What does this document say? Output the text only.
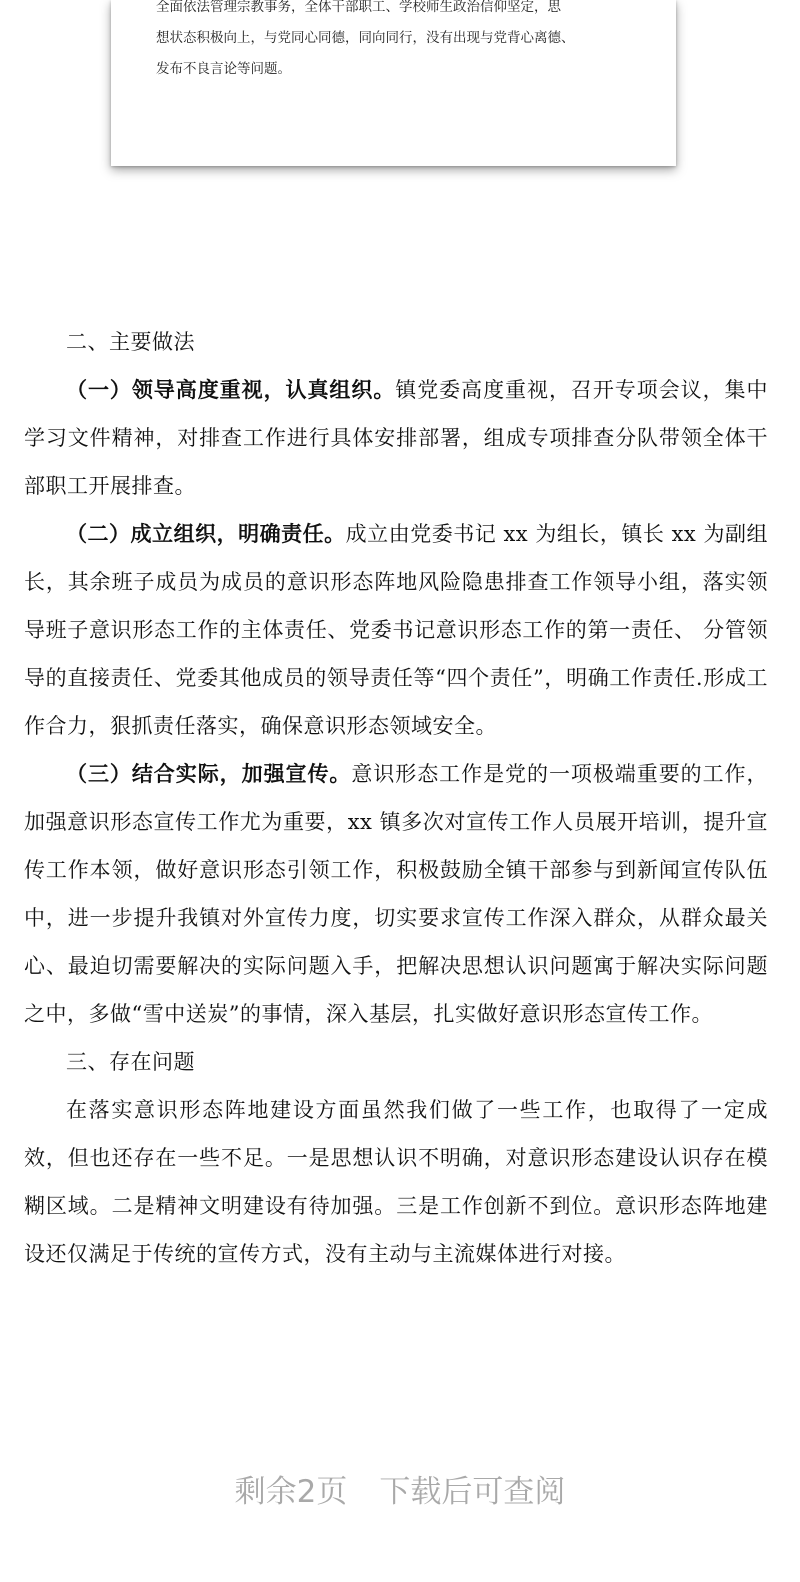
全面依法管理宗教事务，全体干部职工、学校师生政治信仰坚定，思
想状态积极向上，与党同心同德，同向同行，没有出现与党背心离德、
发布不良言论等问题。

二、主要做法

（一）领导高度重视，认真组织。镇党委高度重视，召开专项会议，集中学习文件精神，对排查工作进行具体安排部署，组成专项排查分队带领全体干部职工开展排查。

（二）成立组织，明确责任。成立由党委书记 xx 为组长，镇长 xx 为副组长，其余班子成员为成员的意识形态阵地风险隐患排查工作领导小组，落实领导班子意识形态工作的主体责任、党委书记意识形态工作的第一责任、 分管领导的直接责任、党委其他成员的领导责任等“四个责任”，明确工作责任.形成工作合力，狠抓责任落实，确保意识形态领域安全。

（三）结合实际，加强宣传。意识形态工作是党的一项极端重要的工作，加强意识形态宣传工作尤为重要，xx 镇多次对宣传工作人员展开培训，提升宣传工作本领，做好意识形态引领工作，积极鼓励全镇干部参与到新闻宣传队伍中，进一步提升我镇对外宣传力度，切实要求宣传工作深入群众，从群众最关心、最迫切需要解决的实际问题入手，把解决思想认识问题寓于解决实际问题之中，多做“雪中送炭”的事情，深入基层，扎实做好意识形态宣传工作。

三、存在问题

在落实意识形态阵地建设方面虽然我们做了一些工作，也取得了一定成效，但也还存在一些不足。一是思想认识不明确，对意识形态建设认识存在模糊区域。二是精神文明建设有待加强。三是工作创新不到位。意识形态阵地建设还仅满足于传统的宣传方式，没有主动与主流媒体进行对接。

剩余2页 下载后可查阅
